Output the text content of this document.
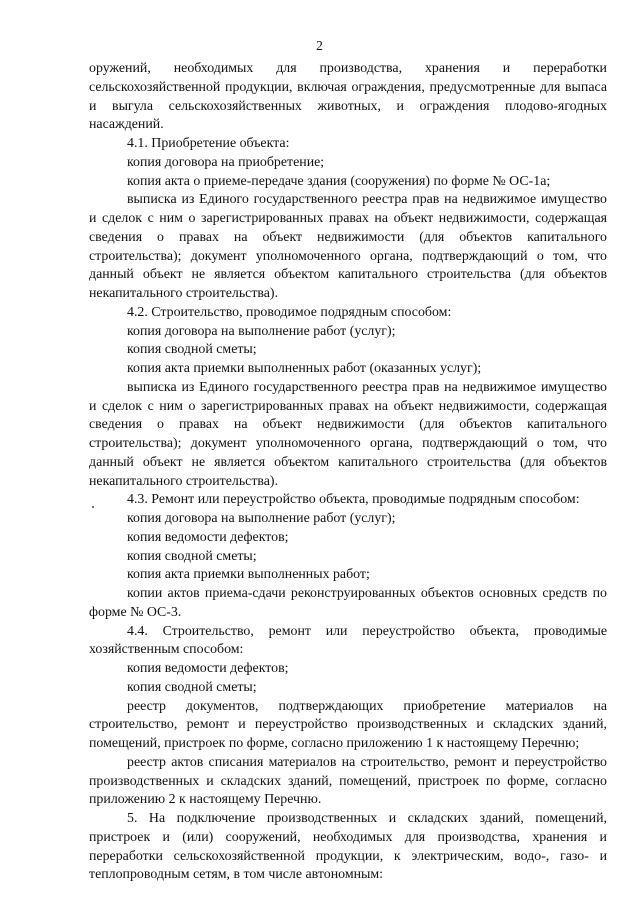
2

оружений, необходимых для производства, хранения и переработки сельскохозяйственной продукции, включая ограждения, предусмотренные для выпаса и выгула сельскохозяйственных животных, и ограждения плодово-ягодных насаждений.

4.1. Приобретение объекта:

копия договора на приобретение;

копия акта о приеме-передаче здания (сооружения) по форме № ОС-1а;

выписка из Единого государственного реестра прав на недвижимое имущество и сделок с ним о зарегистрированных правах на объект недвижимости, содержащая сведения о правах на объект недвижимости (для объектов капитального строительства); документ уполномоченного органа, подтверждающий о том, что данный объект не является объектом капитального строительства (для объектов некапитального строительства).

4.2. Строительство, проводимое подрядным способом:

копия договора на выполнение работ (услуг);

копия сводной сметы;

копия акта приемки выполненных работ (оказанных услуг);

выписка из Единого государственного реестра прав на недвижимое имущество и сделок с ним о зарегистрированных правах на объект недвижимости, содержащая сведения о правах на объект недвижимости (для объектов капитального строительства); документ уполномоченного органа, подтверждающий о том, что данный объект не является объектом капитального строительства (для объектов некапитального строительства).

4.3. Ремонт или переустройство объекта, проводимые подрядным способом:

копия договора на выполнение работ (услуг);

копия ведомости дефектов;

копия сводной сметы;

копия акта приемки выполненных работ;

копии актов приема-сдачи реконструированных объектов основных средств по форме № ОС-3.

4.4. Строительство, ремонт или переустройство объекта, проводимые хозяйственным способом:

копия ведомости дефектов;

копия сводной сметы;

реестр документов, подтверждающих приобретение материалов на строительство, ремонт и переустройство производственных и складских зданий, помещений, пристроек по форме, согласно приложению 1 к настоящему Перечню;

реестр актов списания материалов на строительство, ремонт и переустройство производственных и складских зданий, помещений, пристроек по форме, согласно приложению 2 к настоящему Перечню.

5. На подключение производственных и складских зданий, помещений, пристроек и (или) сооружений, необходимых для производства, хранения и переработки сельскохозяйственной продукции, к электрическим, водо-, газо- и теплопроводным сетям, в том числе автономным:
